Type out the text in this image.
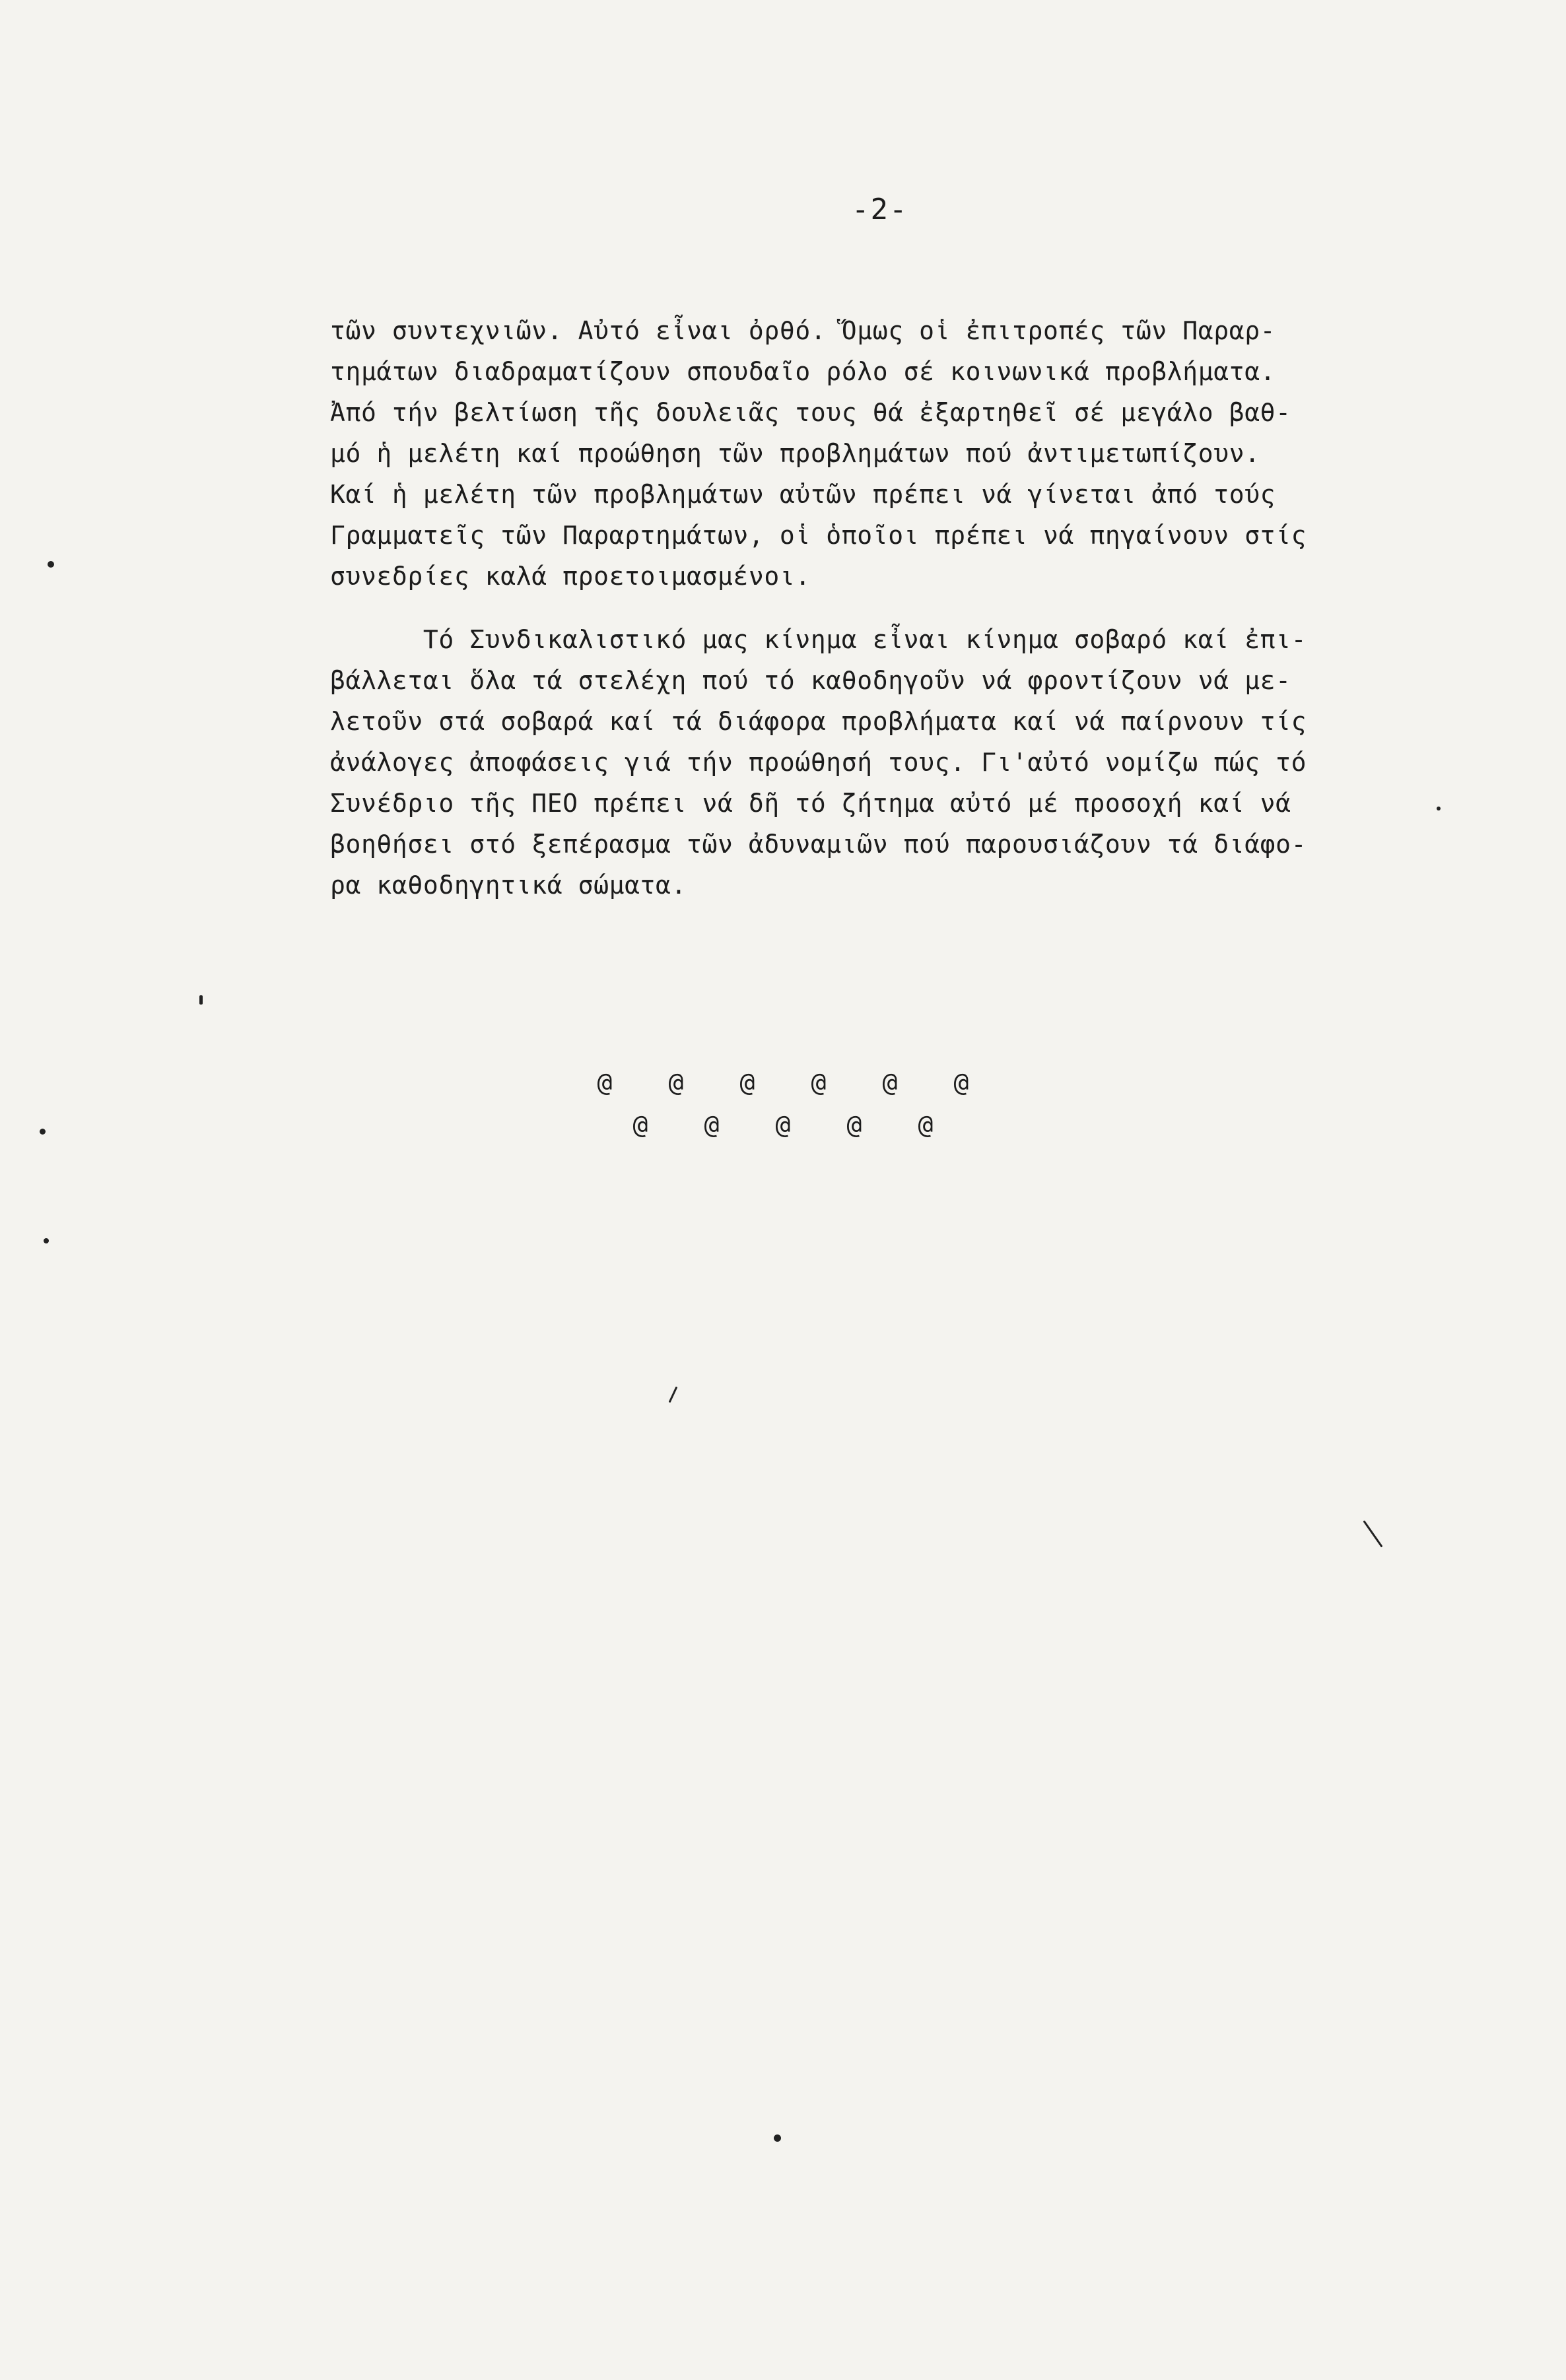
-2-
τῶν συντεχνιῶν. Αὐτό εἶναι ὀρθό. Ὅμως οἱ ἐπιτροπές τῶν Παραρ-
τημάτων διαδραματίζουν σπουδαῖο ρόλο σέ κοινωνικά προβλήματα.
Ἀπό τήν βελτίωση τῆς δουλειᾶς τους θά ἐξαρτηθεῖ σέ μεγάλο βαθ-
μό ἡ μελέτη καί προώθηση τῶν προβλημάτων πού ἀντιμετωπίζουν.
Καί ἡ μελέτη τῶν προβλημάτων αὐτῶν πρέπει νά γίνεται ἀπό τούς
Γραμματεῖς τῶν Παραρτημάτων, οἱ ὁποῖοι πρέπει νά πηγαίνουν στίς
συνεδρίες καλά προετοιμασμένοι.
Τό Συνδικαλιστικό μας κίνημα εἶναι κίνημα σοβαρό καί ἐπι-
βάλλεται ὅλα τά στελέχη πού τό καθοδηγοῦν νά φροντίζουν νά με-
λετοῦν στά σοβαρά καί τά διάφορα προβλήματα καί νά παίρνουν τίς
ἀνάλογες ἀποφάσεις γιά τήν προώθησή τους. Γι'αὐτό νομίζω πώς τό
Συνέδριο τῆς ΠΕΟ πρέπει νά δῆ τό ζήτημα αὐτό μέ προσοχή καί νά
βοηθήσει στό ξεπέρασμα τῶν ἀδυναμιῶν πού παρουσιάζουν τά διάφο-
ρα καθοδηγητικά σώματα.
@ @ @ @ @ @
@ @ @ @ @
